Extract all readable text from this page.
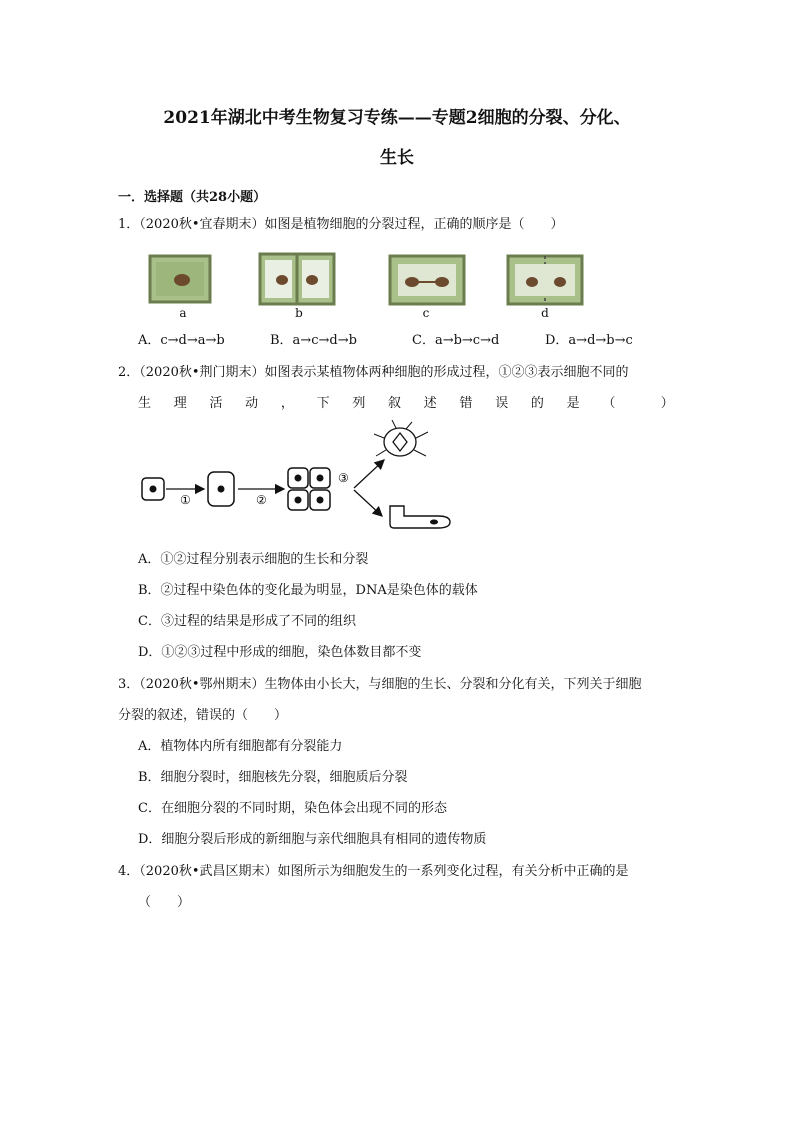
2021年湖北中考生物复习专练——专题2细胞的分裂、分化、
生长
一．选择题（共28小题）
1．（2020秋•宜春期末）如图是植物细胞的分裂过程，正确的顺序是（　　）
a	b	c	d
A．c→d→a→b	B．a→c→d→b	C．a→b→c→d	D．a→d→b→c
2．（2020秋•荆门期末）如图表示某植物体两种细胞的形成过程，①②③表示细胞不同的
生 理 活 动 ， 下 列 叙 述 错 误 的 是 （	）
①	②
③
A．①②过程分别表示细胞的生长和分裂
B．②过程中染色体的变化最为明显，DNA是染色体的载体
C．③过程的结果是形成了不同的组织
D．①②③过程中形成的细胞，染色体数目都不变
3．（2020秋•鄂州期末）生物体由小长大，与细胞的生长、分裂和分化有关，下列关于细胞
分裂的叙述，错误的（　　）
A．植物体内所有细胞都有分裂能力
B．细胞分裂时，细胞核先分裂，细胞质后分裂
C．在细胞分裂的不同时期，染色体会出现不同的形态
D．细胞分裂后形成的新细胞与亲代细胞具有相同的遗传物质
4．（2020秋•武昌区期末）如图所示为细胞发生的一系列变化过程，有关分析中正确的是
（　　）
